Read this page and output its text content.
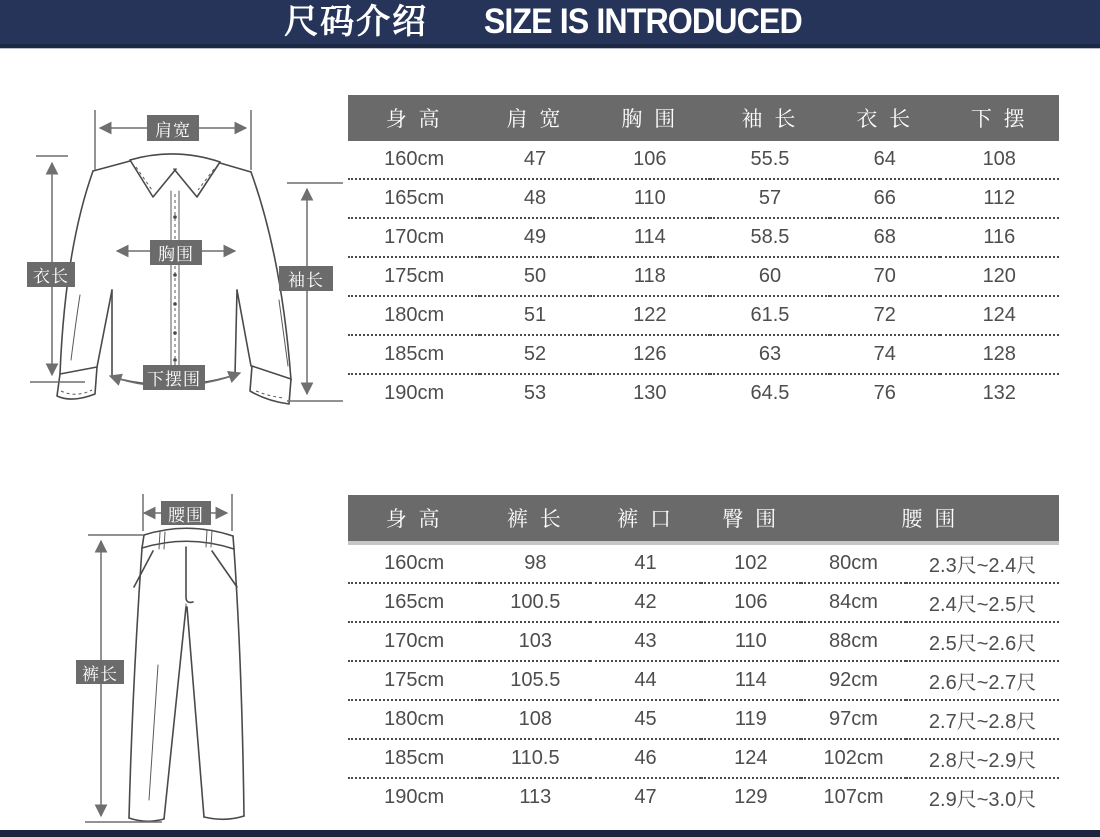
尺码介绍 SIZE IS INTRODUCED
肩宽
衣长
胸围
袖长
下摆围
腰围
裤长
身 高	肩 宽	胸 围	袖 长	衣 长	下 摆
160cm	47	106	55.5	64	108
165cm	48	110	57	66	112
170cm	49	114	58.5	68	116
175cm	50	118	60	70	120
180cm	51	122	61.5	72	124
185cm	52	126	63	74	128
190cm	53	130	64.5	76	132
身 高	裤 长	裤 口	臀 围	腰 围	
160cm	98	41	102	80cm	2.3尺~2.4尺
165cm	100.5	42	106	84cm	2.4尺~2.5尺
170cm	103	43	110	88cm	2.5尺~2.6尺
175cm	105.5	44	114	92cm	2.6尺~2.7尺
180cm	108	45	119	97cm	2.7尺~2.8尺
185cm	110.5	46	124	102cm	2.8尺~2.9尺
190cm	113	47	129	107cm	2.9尺~3.0尺
